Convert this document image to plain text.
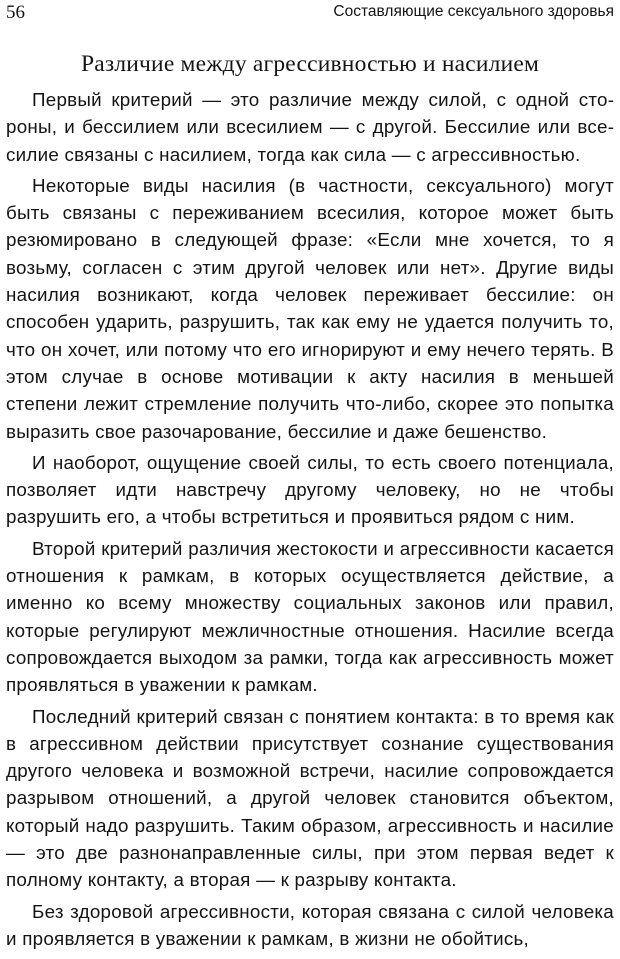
56	Составляющие сексуального здоровья
Различие между агрессивностью и насилием

Первый критерий — это различие между силой, с одной стороны, и бессилием или всесилием — с другой. Бессилие или всесилие связаны с насилием, тогда как сила — с агрессивностью.

Некоторые виды насилия (в частности, сексуального) могут быть связаны с переживанием всесилия, которое может быть резюмировано в следующей фразе: «Если мне хочется, то я возьму, согласен с этим другой человек или нет». Другие виды насилия возникают, когда человек переживает бессилие: он способен ударить, разрушить, так как ему не удается получить то, что он хочет, или потому что его игнорируют и ему нечего терять. В этом случае в основе мотивации к акту насилия в меньшей степени лежит стремление получить что-либо, скорее это попытка выразить свое разочарование, бессилие и даже бешенство.

И наоборот, ощущение своей силы, то есть своего потенциала, позволяет идти навстречу другому человеку, но не чтобы разрушить его, а чтобы встретиться и проявиться рядом с ним.

Второй критерий различия жестокости и агрессивности касается отношения к рамкам, в которых осуществляется действие, а именно ко всему множеству социальных законов или правил, которые регулируют межличностные отношения. Насилие всегда сопровождается выходом за рамки, тогда как агрессивность может проявляться в уважении к рамкам.

Последний критерий связан с понятием контакта: в то время как в агрессивном действии присутствует сознание существования другого человека и возможной встречи, насилие сопровождается разрывом отношений, а другой человек становится объектом, который надо разрушить. Таким образом, агрессивность и насилие — это две разнонаправленные силы, при этом первая ведет к полному контакту, а вторая — к разрыву контакта.

Без здоровой агрессивности, которая связана с силой человека и проявляется в уважении к рамкам, в жизни не обойтись,
